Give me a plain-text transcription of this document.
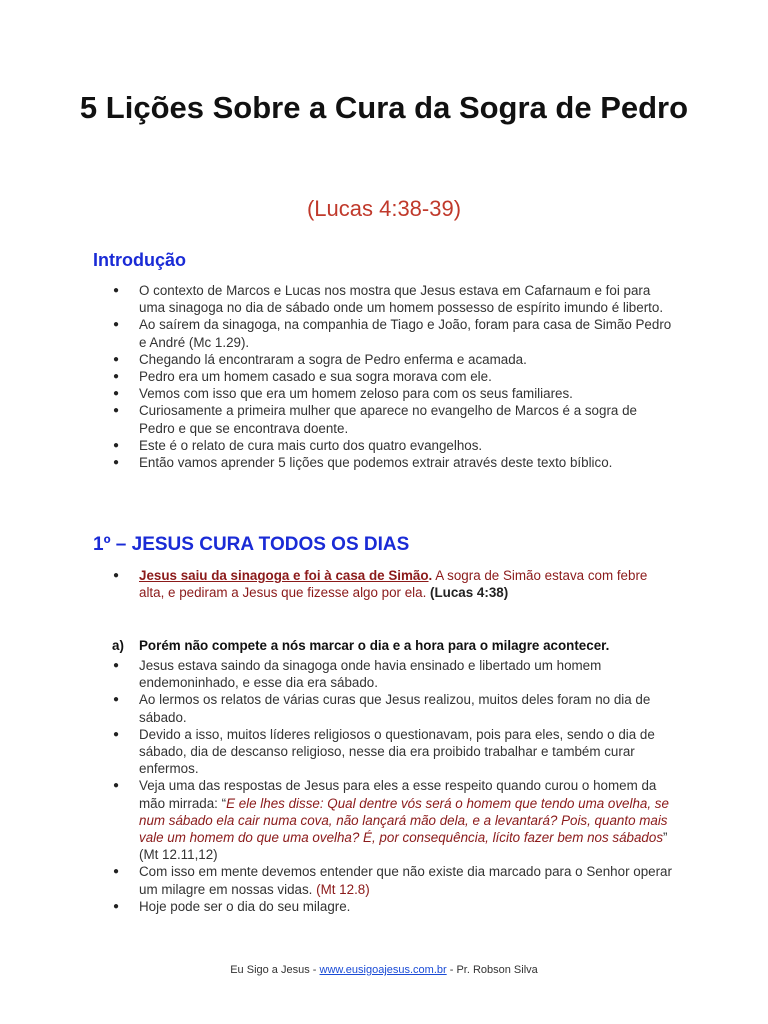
5 Lições Sobre a Cura da Sogra de Pedro
(Lucas 4:38-39)
Introdução
● O contexto de Marcos e Lucas nos mostra que Jesus estava em Cafarnaum e foi para uma sinagoga no dia de sábado onde um homem possesso de espírito imundo é liberto.
● Ao saírem da sinagoga, na companhia de Tiago e João, foram para casa de Simão Pedro e André (Mc 1.29).
● Chegando lá encontraram a sogra de Pedro enferma e acamada.
● Pedro era um homem casado e sua sogra morava com ele.
● Vemos com isso que era um homem zeloso para com os seus familiares.
● Curiosamente a primeira mulher que aparece no evangelho de Marcos é a sogra de Pedro e que se encontrava doente.
● Este é o relato de cura mais curto dos quatro evangelhos.
● Então vamos aprender 5 lições que podemos extrair através deste texto bíblico.
1º – JESUS CURA TODOS OS DIAS
● Jesus saiu da sinagoga e foi à casa de Simão. A sogra de Simão estava com febre alta, e pediram a Jesus que fizesse algo por ela. (Lucas 4:38)
a) Porém não compete a nós marcar o dia e a hora para o milagre acontecer.
● Jesus estava saindo da sinagoga onde havia ensinado e libertado um homem endemoninhado, e esse dia era sábado.
● Ao lermos os relatos de várias curas que Jesus realizou, muitos deles foram no dia de sábado.
● Devido a isso, muitos líderes religiosos o questionavam, pois para eles, sendo o dia de sábado, dia de descanso religioso, nesse dia era proibido trabalhar e também curar enfermos.
● Veja uma das respostas de Jesus para eles a esse respeito quando curou o homem da mão mirrada: “E ele lhes disse: Qual dentre vós será o homem que tendo uma ovelha, se num sábado ela cair numa cova, não lançará mão dela, e a levantará? Pois, quanto mais vale um homem do que uma ovelha? É, por consequência, lícito fazer bem nos sábados” (Mt 12.11,12)
● Com isso em mente devemos entender que não existe dia marcado para o Senhor operar um milagre em nossas vidas. (Mt 12.8)
● Hoje pode ser o dia do seu milagre.
Eu Sigo a Jesus - www.eusigoajesus.com.br - Pr. Robson Silva
